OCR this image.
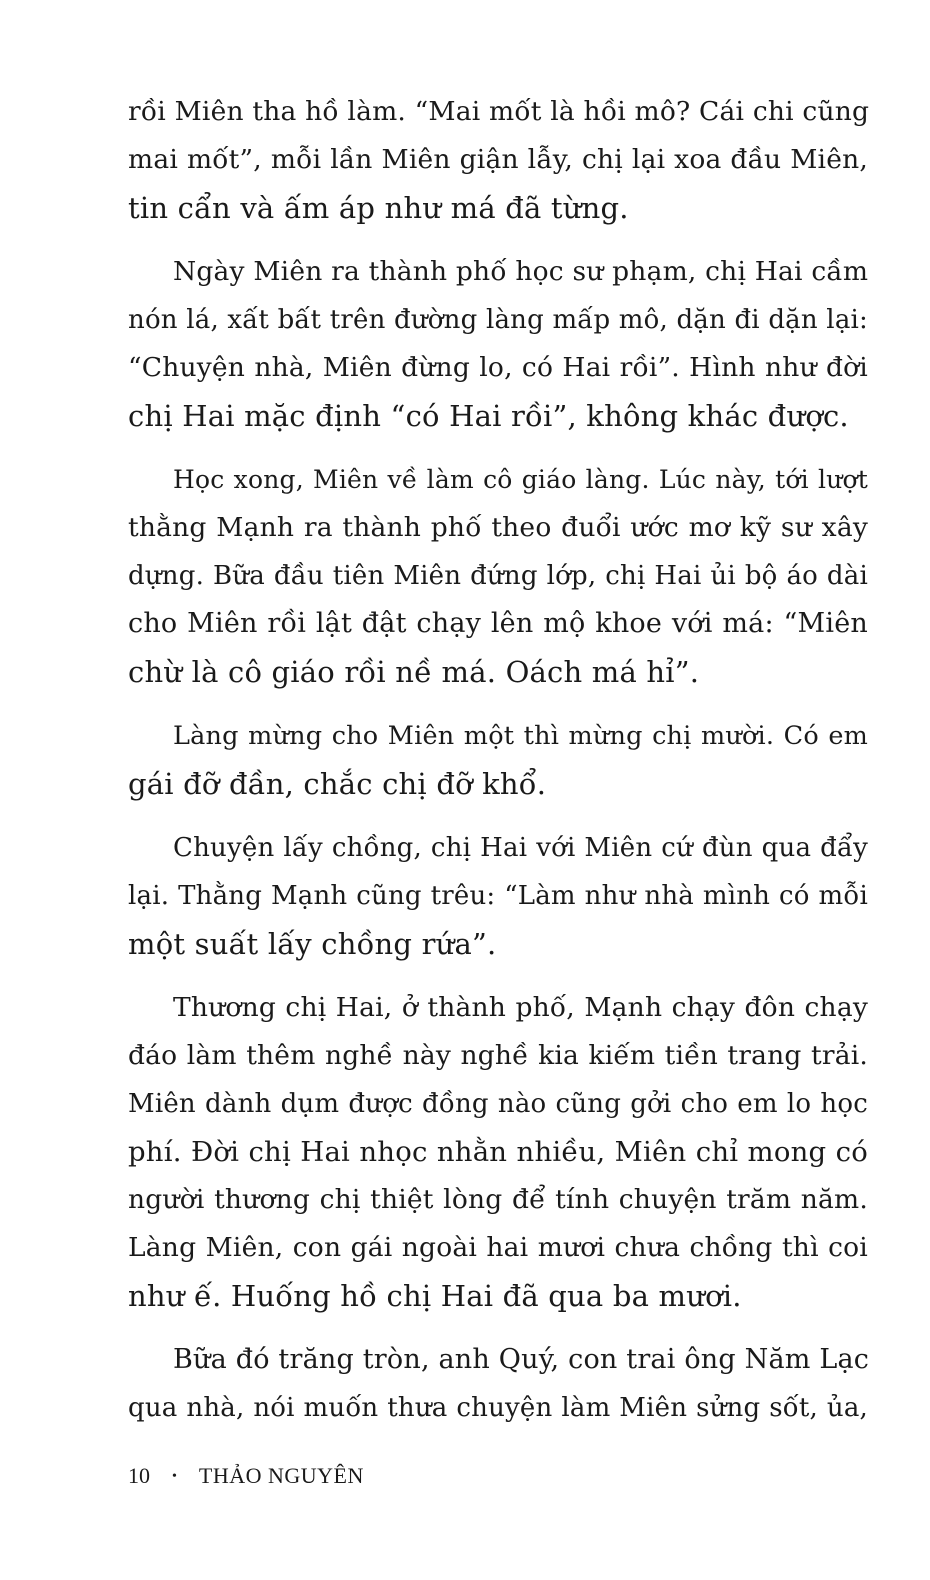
rồi Miên tha hồ làm. “Mai mốt là hồi mô? Cái chi cũng
mai mốt”, mỗi lần Miên giận lẫy, chị lại xoa đầu Miên,
tin cẩn và ấm áp như má đã từng.
Ngày Miên ra thành phố học sư phạm, chị Hai cầm
nón lá, xất bất trên đường làng mấp mô, dặn đi dặn lại:
“Chuyện nhà, Miên đừng lo, có Hai rồi”. Hình như đời
chị Hai mặc định “có Hai rồi”, không khác được.
Học xong, Miên về làm cô giáo làng. Lúc này, tới lượt
thằng Mạnh ra thành phố theo đuổi ước mơ kỹ sư xây
dựng. Bữa đầu tiên Miên đứng lớp, chị Hai ủi bộ áo dài
cho Miên rồi lật đật chạy lên mộ khoe với má: “Miên
chừ là cô giáo rồi nề má. Oách má hỉ”.
Làng mừng cho Miên một thì mừng chị mười. Có em
gái đỡ đần, chắc chị đỡ khổ.
Chuyện lấy chồng, chị Hai với Miên cứ đùn qua đẩy
lại. Thằng Mạnh cũng trêu: “Làm như nhà mình có mỗi
một suất lấy chồng rứa”.
Thương chị Hai, ở thành phố, Mạnh chạy đôn chạy
đáo làm thêm nghề này nghề kia kiếm tiền trang trải.
Miên dành dụm được đồng nào cũng gởi cho em lo học
phí. Đời chị Hai nhọc nhằn nhiều, Miên chỉ mong có
người thương chị thiệt lòng để tính chuyện trăm năm.
Làng Miên, con gái ngoài hai mươi chưa chồng thì coi
như ế. Huống hồ chị Hai đã qua ba mươi.
Bữa đó trăng tròn, anh Quý, con trai ông Năm Lạc
qua nhà, nói muốn thưa chuyện làm Miên sửng sốt, ủa,
10 • THẢO NGUYÊN
